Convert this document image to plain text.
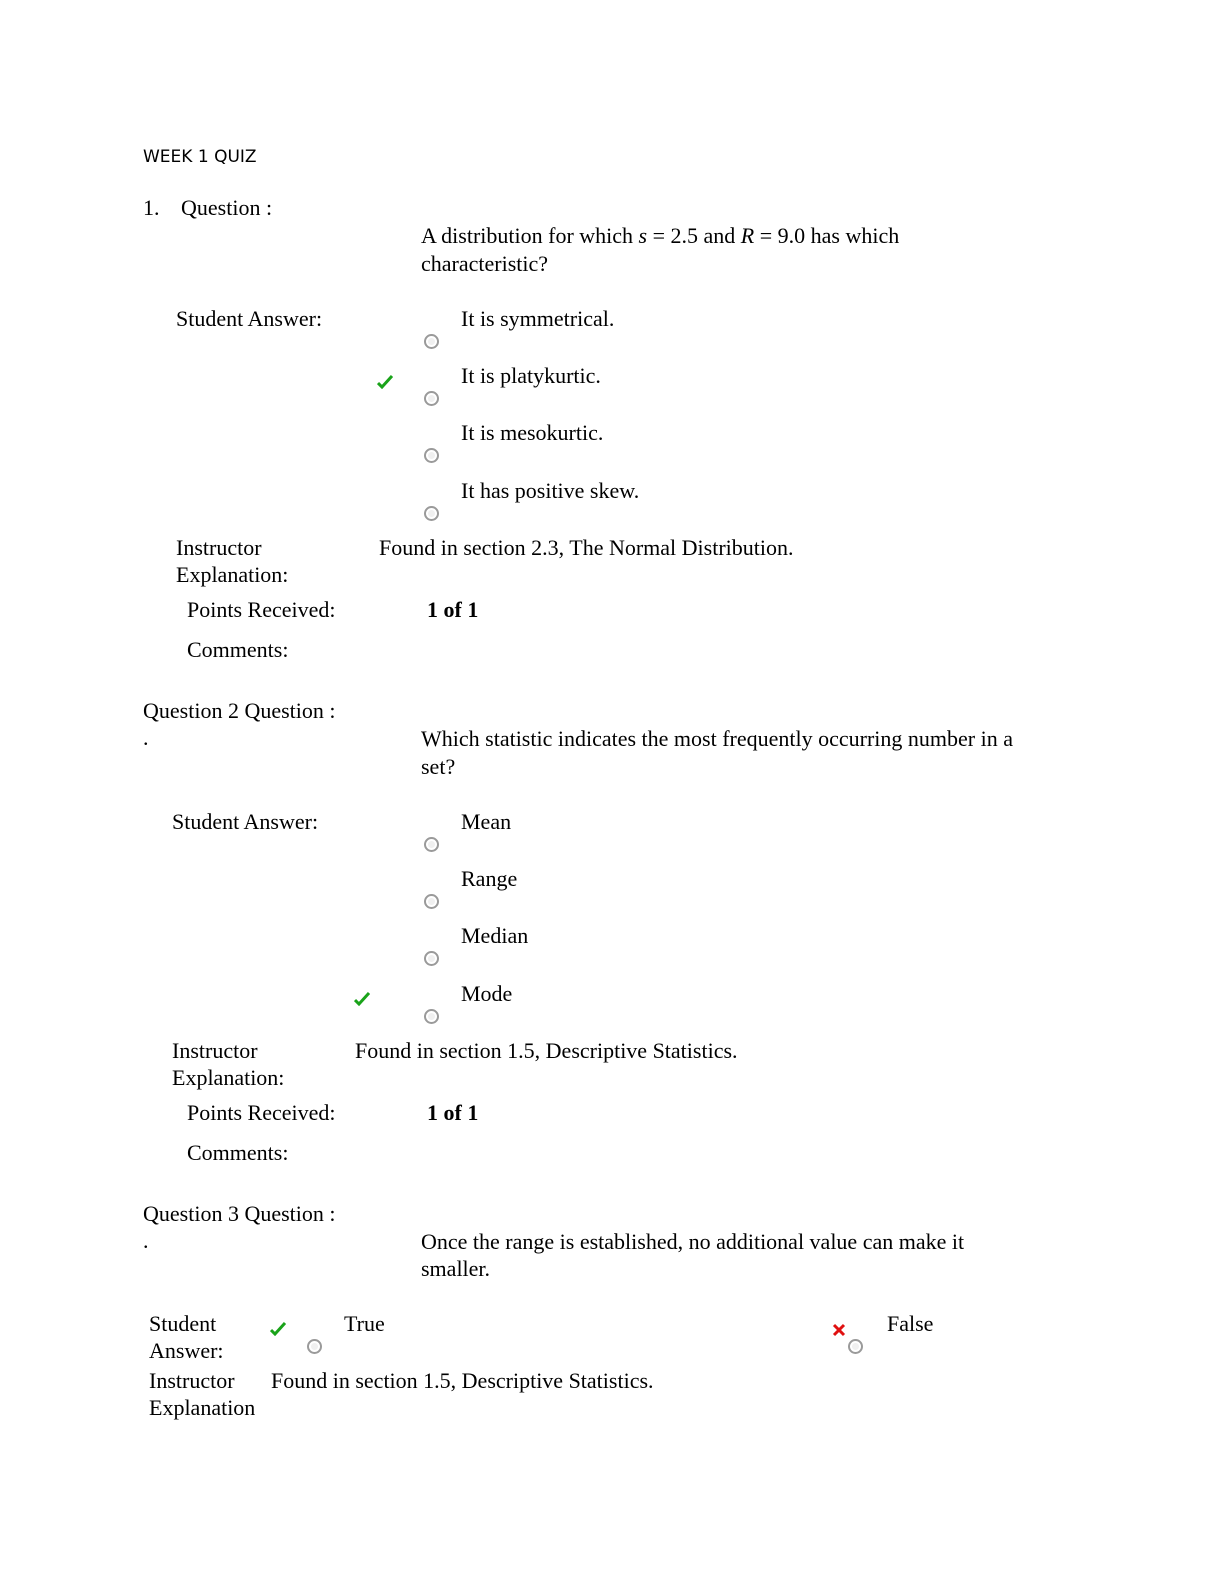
WEEK 1 QUIZ
1. Question :
A distribution for which s = 2.5 and R = 9.0 has which
characteristic?
Student Answer:	It is symmetrical.
It is platykurtic.
It is mesokurtic.
It has positive skew.
Instructor
Explanation:
Found in section 2.3, The Normal Distribution.
Points Received:	1 of 1
Comments:
Question 2 Question :
.	Which statistic indicates the most frequently occurring number in a
set?
Student Answer:	Mean
Range
Median
Mode
Instructor
Explanation:
Found in section 1.5, Descriptive Statistics.
Points Received:	1 of 1
Comments:
Question 3 Question :
.	Once the range is established, no additional value can make it
smaller.
Student
Answer:
True	False
Instructor
Explanation
Found in section 1.5, Descriptive Statistics.
